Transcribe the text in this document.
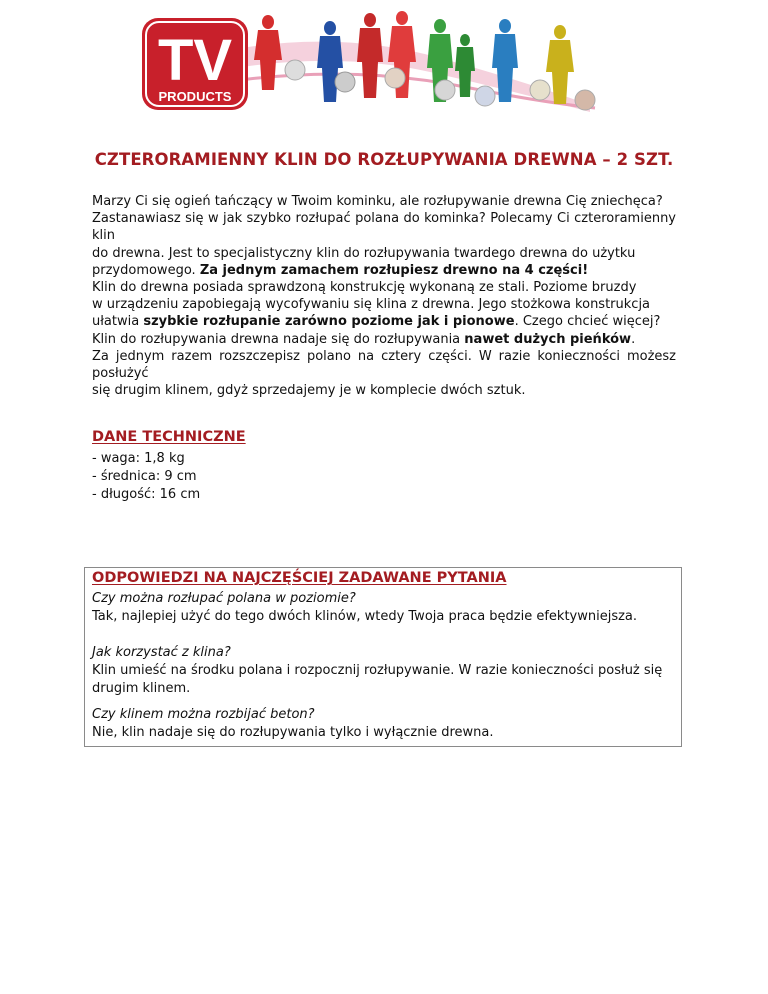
TV
PRODUCTS
CZTERORAMIENNY KLIN DO ROZŁUPYWANIA DREWNA – 2 SZT.

Marzy Ci się ogień tańczący w Twoim kominku, ale rozłupywanie drewna Cię zniechęca?
Zastanawiasz się w jak szybko rozłupać polana do kominka? Polecamy Ci czteroramienny klin
do drewna. Jest to specjalistyczny klin do rozłupywania twardego drewna do użytku
przydomowego. Za jednym zamachem rozłupiesz drewno na 4 części!
Klin do drewna posiada sprawdzoną konstrukcję wykonaną ze stali. Poziome bruzdy
w urządzeniu zapobiegają wycofywaniu się klina z drewna. Jego stożkowa konstrukcja
ułatwia szybkie rozłupanie zarówno poziome jak i pionowe. Czego chcieć więcej?
Klin do rozłupywania drewna nadaje się do rozłupywania nawet dużych pieńków.
Za jednym razem rozszczepisz polano na cztery części. W razie konieczności możesz posłużyć
się drugim klinem, gdyż sprzedajemy je w komplecie dwóch sztuk.

DANE TECHNICZNE
- waga: 1,8 kg
- średnica: 9 cm
- długość: 16 cm
ODPOWIEDZI NA NAJCZĘŚCIEJ ZADAWANE PYTANIA
Czy można rozłupać polana w poziomie?
Tak, najlepiej użyć do tego dwóch klinów, wtedy Twoja praca będzie efektywniejsza.
Jak korzystać z klina?
Klin umieść na środku polana i rozpocznij rozłupywanie. W razie konieczności posłuż się
drugim klinem.
Czy klinem można rozbijać beton?
Nie, klin nadaje się do rozłupywania tylko i wyłącznie drewna.
